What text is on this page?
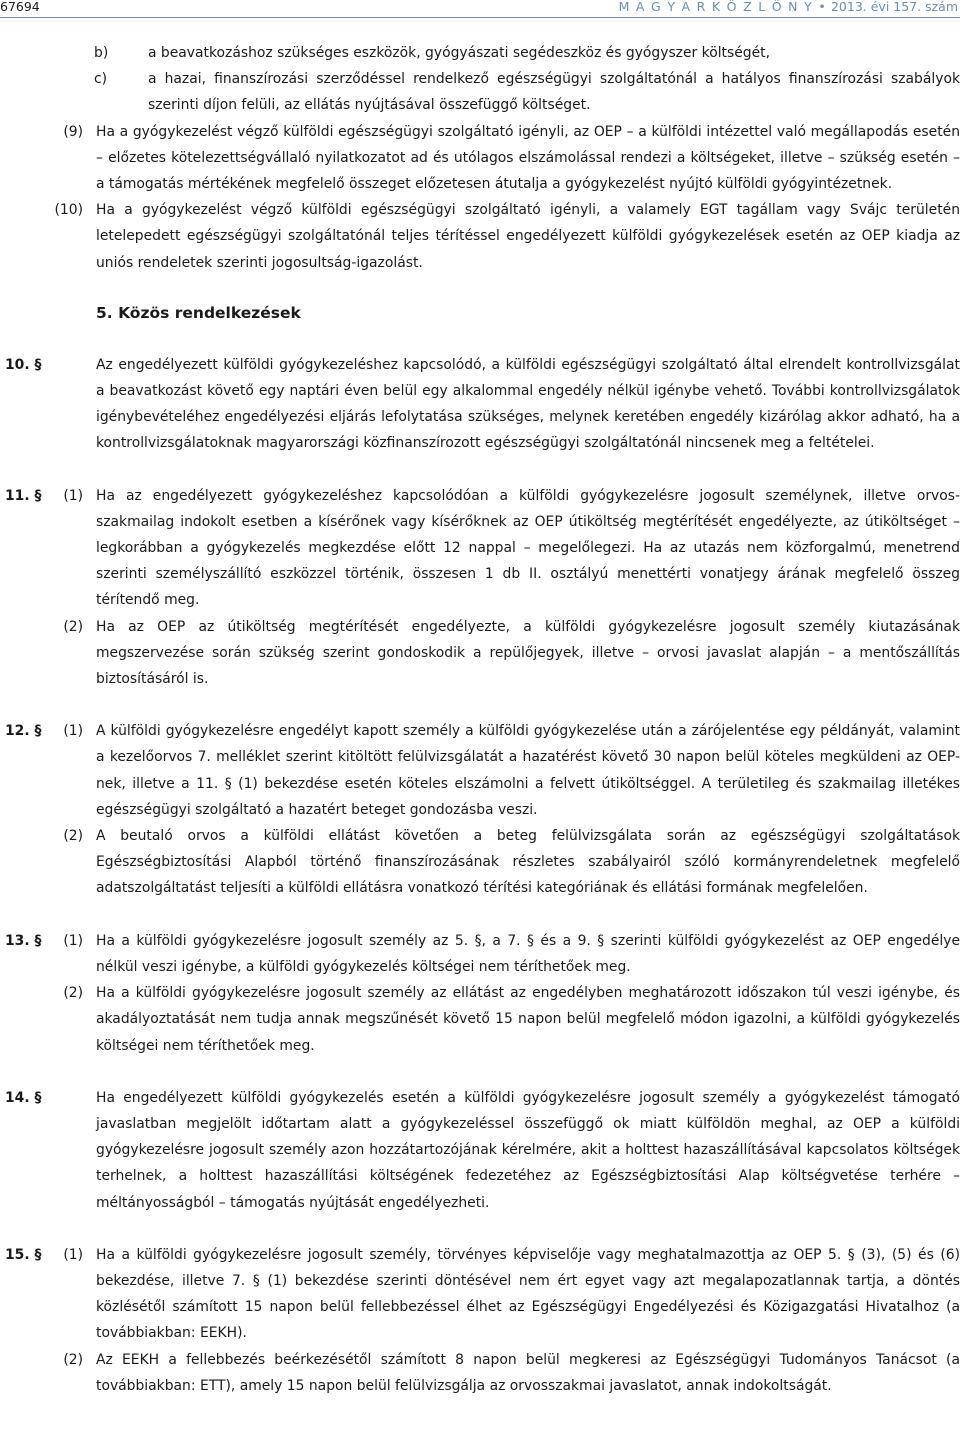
67694	M A G Y A R K Ö Z L Ö N Y • 2013. évi 157. szám
b)	a beavatkozáshoz szükséges eszközök, gyógyászati segédeszköz és gyógyszer költségét,
c)	a hazai, finanszírozási szerződéssel rendelkező egészségügyi szolgáltatónál a hatályos finanszírozási szabályok szerinti díjon felüli, az ellátás nyújtásával összefüggő költséget.
(9) Ha a gyógykezelést végző külföldi egészségügyi szolgáltató igényli, az OEP – a külföldi intézettel való megállapodás esetén – előzetes kötelezettségvállaló nyilatkozatot ad és utólagos elszámolással rendezi a költségeket, illetve – szükség esetén – a támogatás mértékének megfelelő összeget előzetesen átutalja a gyógykezelést nyújtó külföldi gyógyintézetnek.
(10) Ha a gyógykezelést végző külföldi egészségügyi szolgáltató igényli, a valamely EGT tagállam vagy Svájc területén letelepedett egészségügyi szolgáltatónál teljes térítéssel engedélyezett külföldi gyógykezelések esetén az OEP kiadja az uniós rendeletek szerinti jogosultság-igazolást.
5. Közös rendelkezések
10. §	Az engedélyezett külföldi gyógykezeléshez kapcsolódó, a külföldi egészségügyi szolgáltató által elrendelt kontrollvizsgálat a beavatkozást követő egy naptári éven belül egy alkalommal engedély nélkül igénybe vehető. További kontrollvizsgálatok igénybevételéhez engedélyezési eljárás lefolytatása szükséges, melynek keretében engedély kizárólag akkor adható, ha a kontrollvizsgálatoknak magyarországi közfinanszírozott egészségügyi szolgáltatónál nincsenek meg a feltételei.
11. § (1) Ha az engedélyezett gyógykezeléshez kapcsolódóan a külföldi gyógykezelésre jogosult személynek, illetve orvos-szakmailag indokolt esetben a kísérőnek vagy kísérőknek az OEP útiköltség megtérítését engedélyezte, az útiköltséget – legkorábban a gyógykezelés megkezdése előtt 12 nappal – megelőlegezi. Ha az utazás nem közforgalmú, menetrend szerinti személyszállító eszközzel történik, összesen 1 db II. osztályú menettérti vonatjegy árának megfelelő összeg térítendő meg.
(2) Ha az OEP az útiköltség megtérítését engedélyezte, a külföldi gyógykezelésre jogosult személy kiutazásának megszervezése során szükség szerint gondoskodik a repülőjegyek, illetve – orvosi javaslat alapján – a mentőszállítás biztosításáról is.
12. § (1) A külföldi gyógykezelésre engedélyt kapott személy a külföldi gyógykezelése után a zárójelentése egy példányát, valamint a kezelőorvos 7. melléklet szerint kitöltött felülvizsgálatát a hazatérést követő 30 napon belül köteles megküldeni az OEP-nek, illetve a 11. § (1) bekezdése esetén köteles elszámolni a felvett útiköltséggel. A területileg és szakmailag illetékes egészségügyi szolgáltató a hazatért beteget gondozásba veszi.
(2) A beutaló orvos a külföldi ellátást követően a beteg felülvizsgálata során az egészségügyi szolgáltatások Egészségbiztosítási Alapból történő finanszírozásának részletes szabályairól szóló kormányrendeletnek megfelelő adatszolgáltatást teljesíti a külföldi ellátásra vonatkozó térítési kategóriának és ellátási formának megfelelően.
13. § (1) Ha a külföldi gyógykezelésre jogosult személy az 5. §, a 7. § és a 9. § szerinti külföldi gyógykezelést az OEP engedélye nélkül veszi igénybe, a külföldi gyógykezelés költségei nem téríthetőek meg.
(2) Ha a külföldi gyógykezelésre jogosult személy az ellátást az engedélyben meghatározott időszakon túl veszi igénybe, és akadályoztatását nem tudja annak megszűnését követő 15 napon belül megfelelő módon igazolni, a külföldi gyógykezelés költségei nem téríthetőek meg.
14. §	Ha engedélyezett külföldi gyógykezelés esetén a külföldi gyógykezelésre jogosult személy a gyógykezelést támogató javaslatban megjelölt időtartam alatt a gyógykezeléssel összefüggő ok miatt külföldön meghal, az OEP a külföldi gyógykezelésre jogosult személy azon hozzátartozójának kérelmére, akit a holttest hazaszállításával kapcsolatos költségek terhelnek, a holttest hazaszállítási költségének fedezetéhez az Egészségbiztosítási Alap költségvetése terhére – méltányosságból – támogatás nyújtását engedélyezheti.
15. § (1) Ha a külföldi gyógykezelésre jogosult személy, törvényes képviselője vagy meghatalmazottja az OEP 5. § (3), (5) és (6) bekezdése, illetve 7. § (1) bekezdése szerinti döntésével nem ért egyet vagy azt megalapozatlannak tartja, a döntés közlésétől számított 15 napon belül fellebbezéssel élhet az Egészségügyi Engedélyezési és Közigazgatási Hivatalhoz (a továbbiakban: EEKH).
(2) Az EEKH a fellebbezés beérkezésétől számított 8 napon belül megkeresi az Egészségügyi Tudományos Tanácsot (a továbbiakban: ETT), amely 15 napon belül felülvizsgálja az orvosszakmai javaslatot, annak indokoltságát.
